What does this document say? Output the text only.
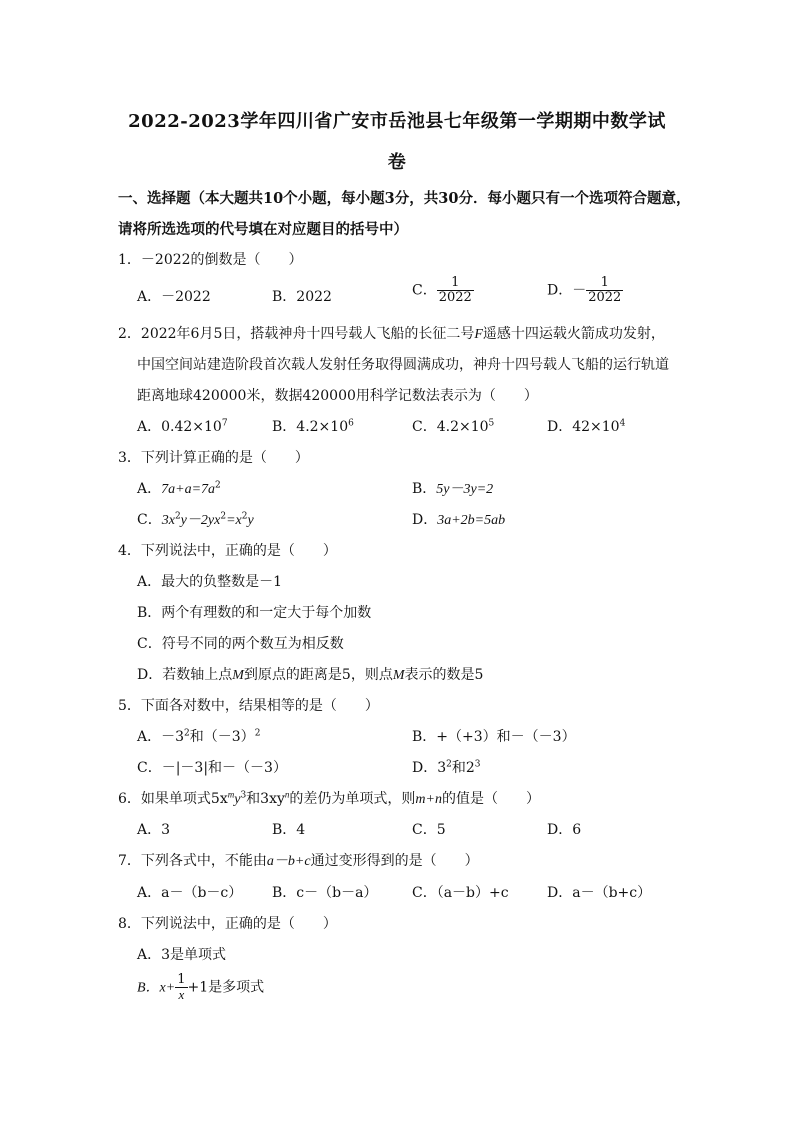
2022-2023学年四川省广安市岳池县七年级第一学期期中数学试
卷
一、选择题（本大题共10个小题，每小题3分，共30分．每小题只有一个选项符合题意，
请将所选选项的代号填在对应题目的括号中）
1．－2022的倒数是（　　）
A．－2022	B．2022	C． $\frac{1}{2022}$	D．－ $\frac{1}{2022}$
2．2022年6月5日，搭载神舟十四号载人飞船的长征二号F遥感十四运载火箭成功发射，
中国空间站建造阶段首次载人发射任务取得圆满成功，神舟十四号载人飞船的运行轨道
距离地球420000米，数据420000用科学记数法表示为（　　）
A．$0.42\times 10^7$	B．$4.2\times 10^6$	C．$4.2\times 10^5$	D．$42\times 10^4$
3．下列计算正确的是（　　）
A．$7a+a=7a^2$	B．5y－3y=2
C．$3x^2y-2yx^2=x^2y$	D．3a+2b=5ab
4．下列说法中，正确的是（　　）
A．最大的负整数是－1
B．两个有理数的和一定大于每个加数
C．符号不同的两个数互为相反数
D．若数轴上点M到原点的距离是5，则点M表示的数是5
5．下面各对数中，结果相等的是（　　）
A．$-3^2$和$(-3)^2$	B．+（+3）和－（－3）
C．－|－3|和－（－3）	D．$3^2$和$2^3$
6．如果单项式$5x^my^3$和$3xy^n$的差仍为单项式，则m+n的值是（　　）
A．3	B．4	C．5	D．6
7．下列各式中，不能由a－b+c通过变形得到的是（　　）
A．a－（b－c） B．c－（b－a） C．（a－b）+c	D．a－（b+c）
8．下列说法中，正确的是（　　）
A．3是单项式
B．$x+ \frac{1}{x} +1$是多项式
